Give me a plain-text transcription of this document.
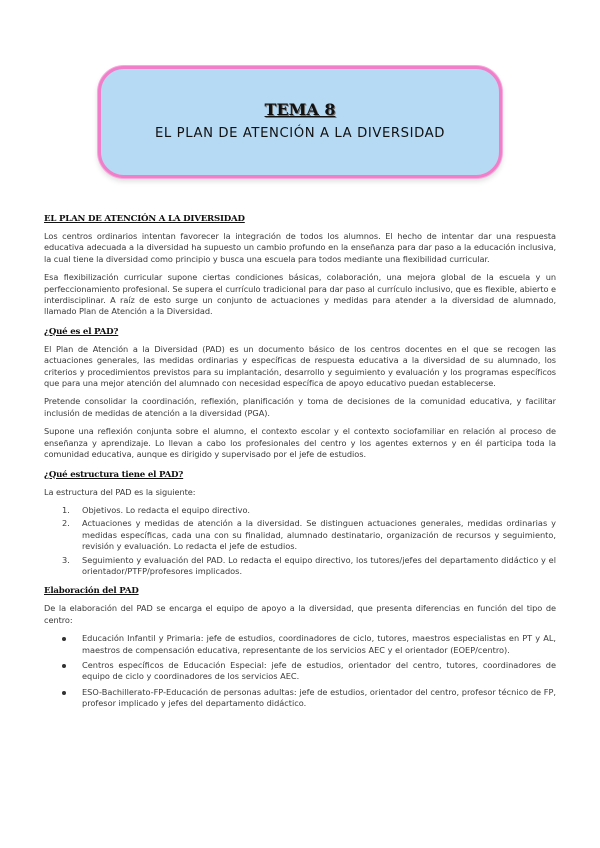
TEMA 8
EL PLAN DE ATENCIÓN A LA DIVERSIDAD
EL PLAN DE ATENCIÓN A LA DIVERSIDAD

Los centros ordinarios intentan favorecer la integración de todos los alumnos. El hecho de intentar dar una respuesta educativa adecuada a la diversidad ha supuesto un cambio profundo en la enseñanza para dar paso a la educación inclusiva, la cual tiene la diversidad como principio y busca una escuela para todos mediante una flexibilidad curricular.

Esa flexibilización curricular supone ciertas condiciones básicas, colaboración, una mejora global de la escuela y un perfeccionamiento profesional. Se supera el currículo tradicional para dar paso al currículo inclusivo, que es flexible, abierto e interdisciplinar. A raíz de esto surge un conjunto de actuaciones y medidas para atender a la diversidad de alumnado, llamado Plan de Atención a la Diversidad.

¿Qué es el PAD?

El Plan de Atención a la Diversidad (PAD) es un documento básico de los centros docentes en el que se recogen las actuaciones generales, las medidas ordinarias y específicas de respuesta educativa a la diversidad de su alumnado, los criterios y procedimientos previstos para su implantación, desarrollo y seguimiento y evaluación y los programas específicos que para una mejor atención del alumnado con necesidad específica de apoyo educativo puedan establecerse.

Pretende consolidar la coordinación, reflexión, planificación y toma de decisiones de la comunidad educativa, y facilitar inclusión de medidas de atención a la diversidad (PGA).

Supone una reflexión conjunta sobre el alumno, el contexto escolar y el contexto sociofamiliar en relación al proceso de enseñanza y aprendizaje. Lo llevan a cabo los profesionales del centro y los agentes externos y en él participa toda la comunidad educativa, aunque es dirigido y supervisado por el jefe de estudios.

¿Qué estructura tiene el PAD?

La estructura del PAD es la siguiente:

1. Objetivos. Lo redacta el equipo directivo.
2. Actuaciones y medidas de atención a la diversidad. Se distinguen actuaciones generales, medidas ordinarias y medidas específicas, cada una con su finalidad, alumnado destinatario, organización de recursos y seguimiento, revisión y evaluación. Lo redacta el jefe de estudios.
3. Seguimiento y evaluación del PAD. Lo redacta el equipo directivo, los tutores/jefes del departamento didáctico y el orientador/PTFP/profesores implicados.
Elaboración del PAD

De la elaboración del PAD se encarga el equipo de apoyo a la diversidad, que presenta diferencias en función del tipo de centro:

Educación Infantil y Primaria: jefe de estudios, coordinadores de ciclo, tutores, maestros especialistas en PT y AL, maestros de compensación educativa, representante de los servicios AEC y el orientador (EOEP/centro).
Centros específicos de Educación Especial: jefe de estudios, orientador del centro, tutores, coordinadores de equipo de ciclo y coordinadores de los servicios AEC.
ESO-Bachillerato-FP-Educación de personas adultas: jefe de estudios, orientador del centro, profesor técnico de FP, profesor implicado y jefes del departamento didáctico.
